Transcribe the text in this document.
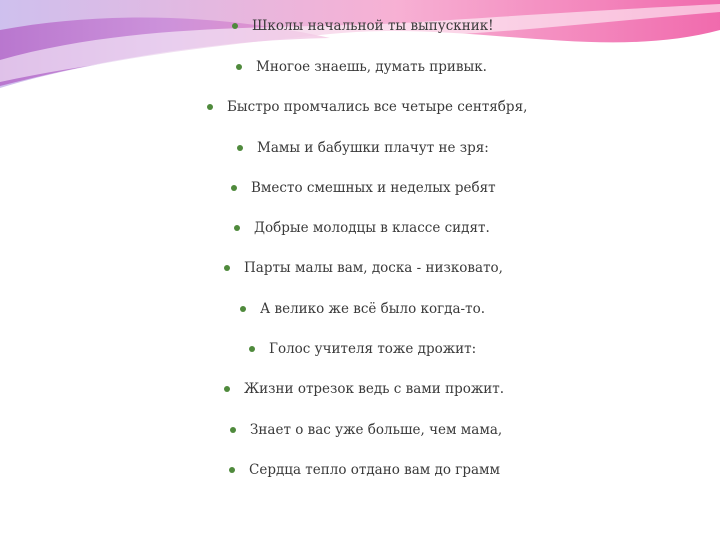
Школы начальной ты выпускник!
Многое знаешь, думать привык.
Быстро промчались все четыре сентября,
Мамы и бабушки плачут не зря:
Вместо смешных и неделых ребят
Добрые молодцы в классе сидят.
Парты малы вам, доска - низковато,
А велико же всё было когда-то.
Голос учителя тоже дрожит:
Жизни отрезок ведь с вами прожит.
Знает о вас уже больше, чем мама,
Сердца тепло отдано вам до грамм
